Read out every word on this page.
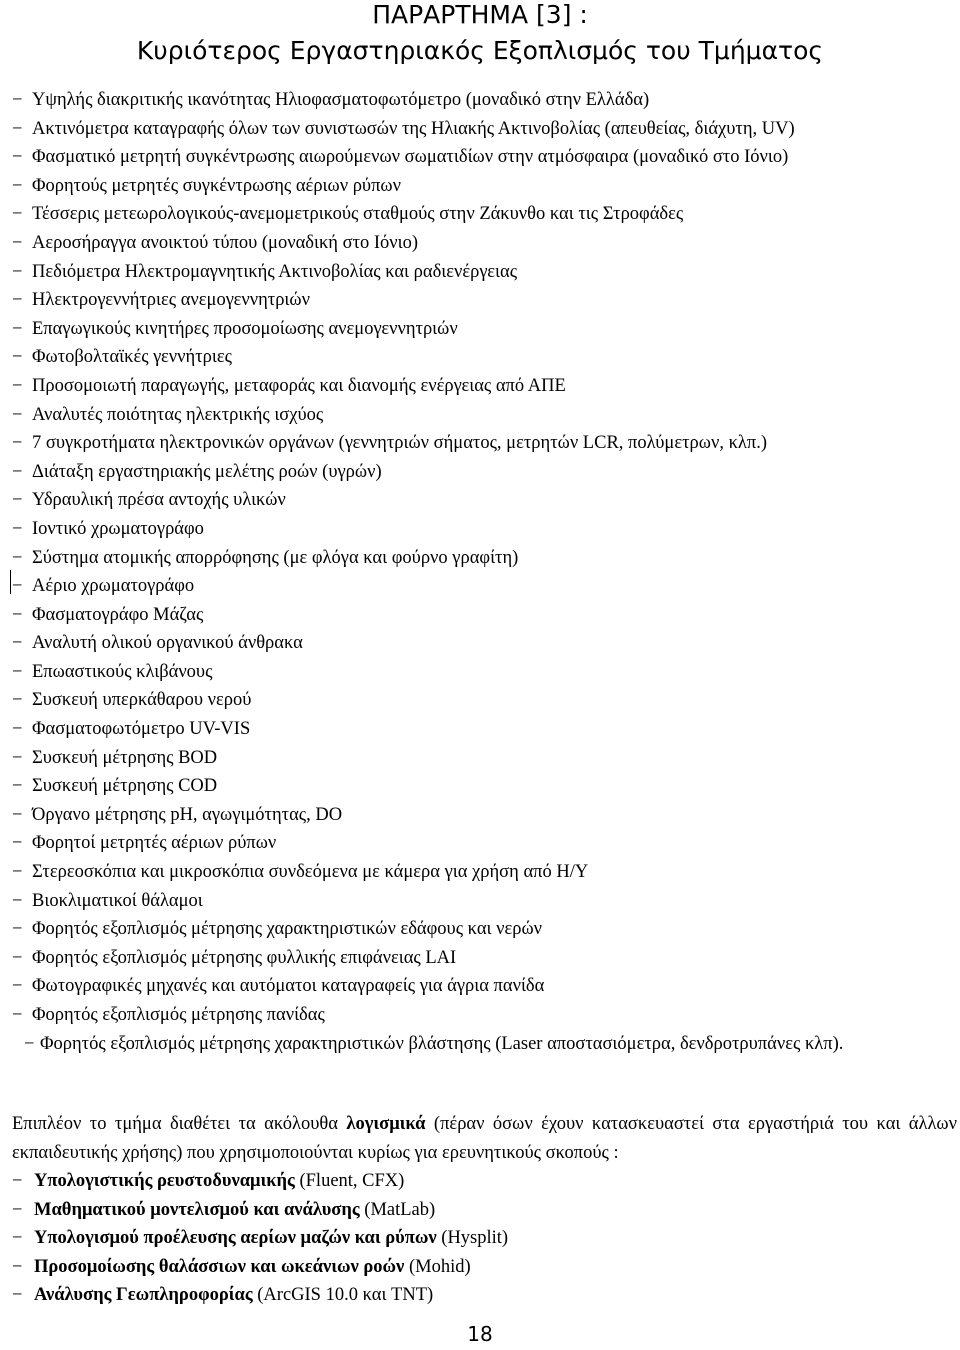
ΠΑΡΑΡΤΗΜΑ [3] :
Κυριότερος Εργαστηριακός Εξοπλισμός του Τμήματος
− Υψηλής διακριτικής ικανότητας Ηλιοφασματοφωτόμετρο (μοναδικό στην Ελλάδα)
− Ακτινόμετρα καταγραφής όλων των συνιστωσών της Ηλιακής Ακτινοβολίας (απευθείας, διάχυτη, UV)
− Φασματικό μετρητή συγκέντρωσης αιωρούμενων σωματιδίων στην ατμόσφαιρα (μοναδικό στο Ιόνιο)
− Φορητούς μετρητές συγκέντρωσης αέριων ρύπων
− Τέσσερις μετεωρολογικούς-ανεμομετρικούς σταθμούς στην Ζάκυνθο και τις Στροφάδες
− Αεροσήραγγα ανοικτού τύπου (μοναδική στο Ιόνιο)
− Πεδιόμετρα Ηλεκτρομαγνητικής Ακτινοβολίας και ραδιενέργειας
− Ηλεκτρογεννήτριες ανεμογεννητριών
− Επαγωγικούς κινητήρες προσομοίωσης ανεμογεννητριών
− Φωτοβολταϊκές γεννήτριες
− Προσομοιωτή παραγωγής, μεταφοράς και διανομής ενέργειας από ΑΠΕ
− Αναλυτές ποιότητας ηλεκτρικής ισχύος
− 7 συγκροτήματα ηλεκτρονικών οργάνων (γεννητριών σήματος, μετρητών LCR, πολύμετρων, κλπ.)
− Διάταξη εργαστηριακής μελέτης ροών (υγρών)
− Υδραυλική πρέσα αντοχής υλικών
− Ιοντικό χρωματογράφο
− Σύστημα ατομικής απορρόφησης (με φλόγα και φούρνο γραφίτη)
− Αέριο χρωματογράφο
− Φασματογράφο Μάζας
− Αναλυτή ολικού οργανικού άνθρακα
− Επωαστικούς κλιβάνους
− Συσκευή υπερκάθαρου νερού
− Φασματοφωτόμετρο UV-VIS
− Συσκευή μέτρησης BOD
− Συσκευή μέτρησης COD
− Όργανο μέτρησης pH, αγωγιμότητας, DO
− Φορητοί μετρητές αέριων ρύπων
− Στερεοσκόπια και μικροσκόπια συνδεόμενα με κάμερα για χρήση από Η/Υ
− Βιοκλιματικοί θάλαμοι
− Φορητός εξοπλισμός μέτρησης χαρακτηριστικών εδάφους και νερών
− Φορητός εξοπλισμός μέτρησης φυλλικής επιφάνειας LAI
− Φωτογραφικές μηχανές και αυτόματοι καταγραφείς για άγρια πανίδα
− Φορητός εξοπλισμός μέτρησης πανίδας
− Φορητός εξοπλισμός μέτρησης χαρακτηριστικών βλάστησης (Laser αποστασιόμετρα, δενδροτρυπάνες κλπ).

Επιπλέον το τμήμα διαθέτει τα ακόλουθα λογισμικά (πέραν όσων έχουν κατασκευαστεί στα εργαστήριά του και άλλων εκπαιδευτικής χρήσης) που χρησιμοποιούνται κυρίως για ερευνητικούς σκοπούς :

− Υπολογιστικής ρευστοδυναμικής (Fluent, CFX)
− Μαθηματικού μοντελισμού και ανάλυσης (MatLab)
− Υπολογισμού προέλευσης αερίων μαζών και ρύπων (Hysplit)
− Προσομοίωσης θαλάσσιων και ωκεάνιων ροών (Mohid)
− Ανάλυσης Γεωπληροφορίας (ArcGIS 10.0 και TNT)
18
